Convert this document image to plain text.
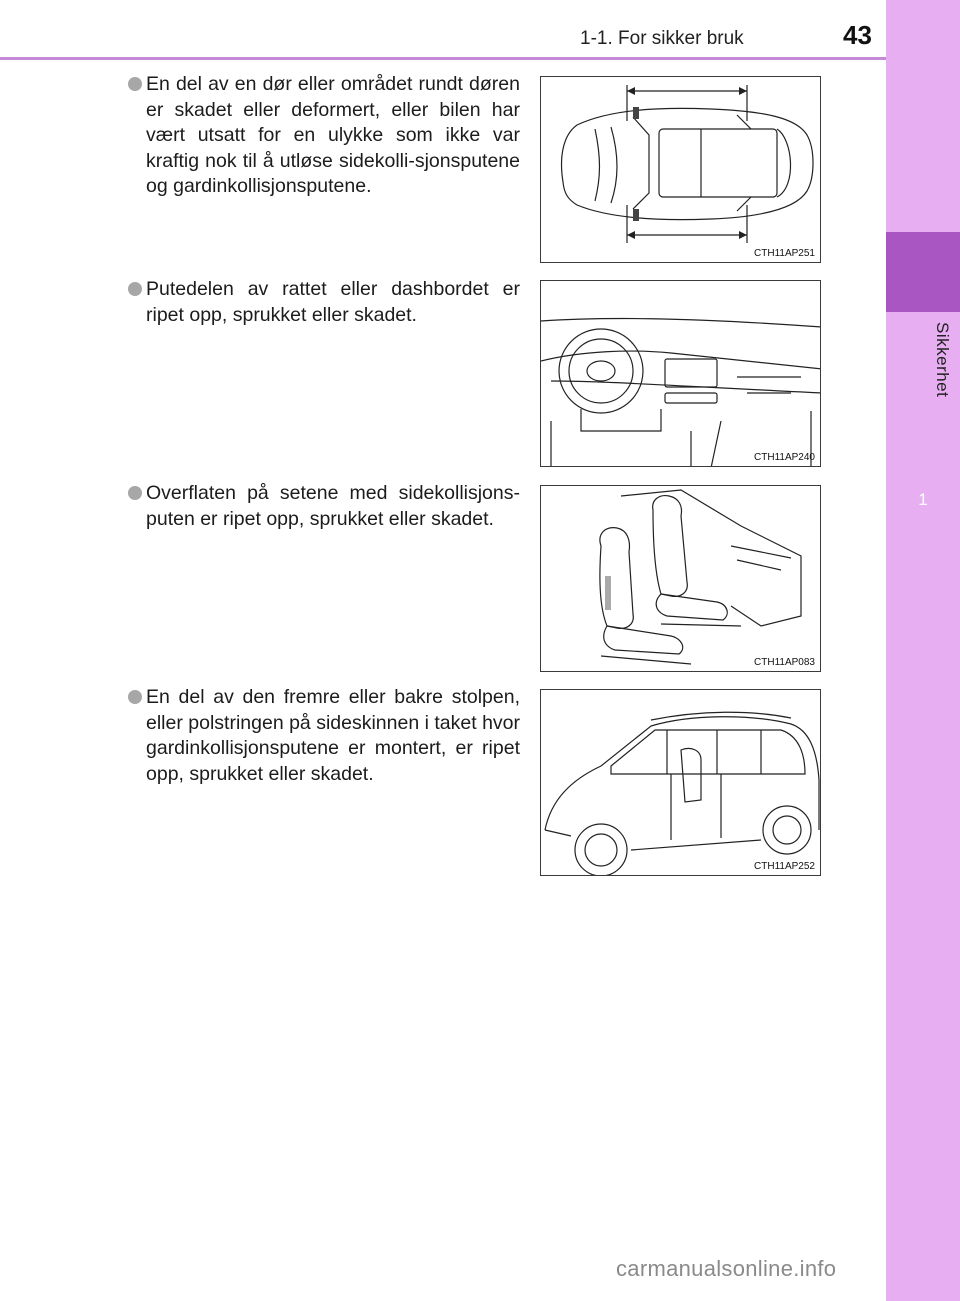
1-1. For sikker bruk	43
1
Sikkerhet
En del av en dør eller området rundt døren er skadet eller deformert, eller bilen har vært utsatt for en ulykke som ikke var kraftig nok til å utløse sidekolli-sjonsputene og gardinkollisjonsputene.
CTH11AP251
Putedelen av rattet eller dashbordet er ripet opp, sprukket eller skadet.
CTH11AP240
Overflaten på setene med sidekollisjons-puten er ripet opp, sprukket eller skadet.
CTH11AP083
En del av den fremre eller bakre stolpen, eller polstringen på sideskinnen i taket hvor gardinkollisjonsputene er montert, er ripet opp, sprukket eller skadet.
CTH11AP252
carmanualsonline.info
